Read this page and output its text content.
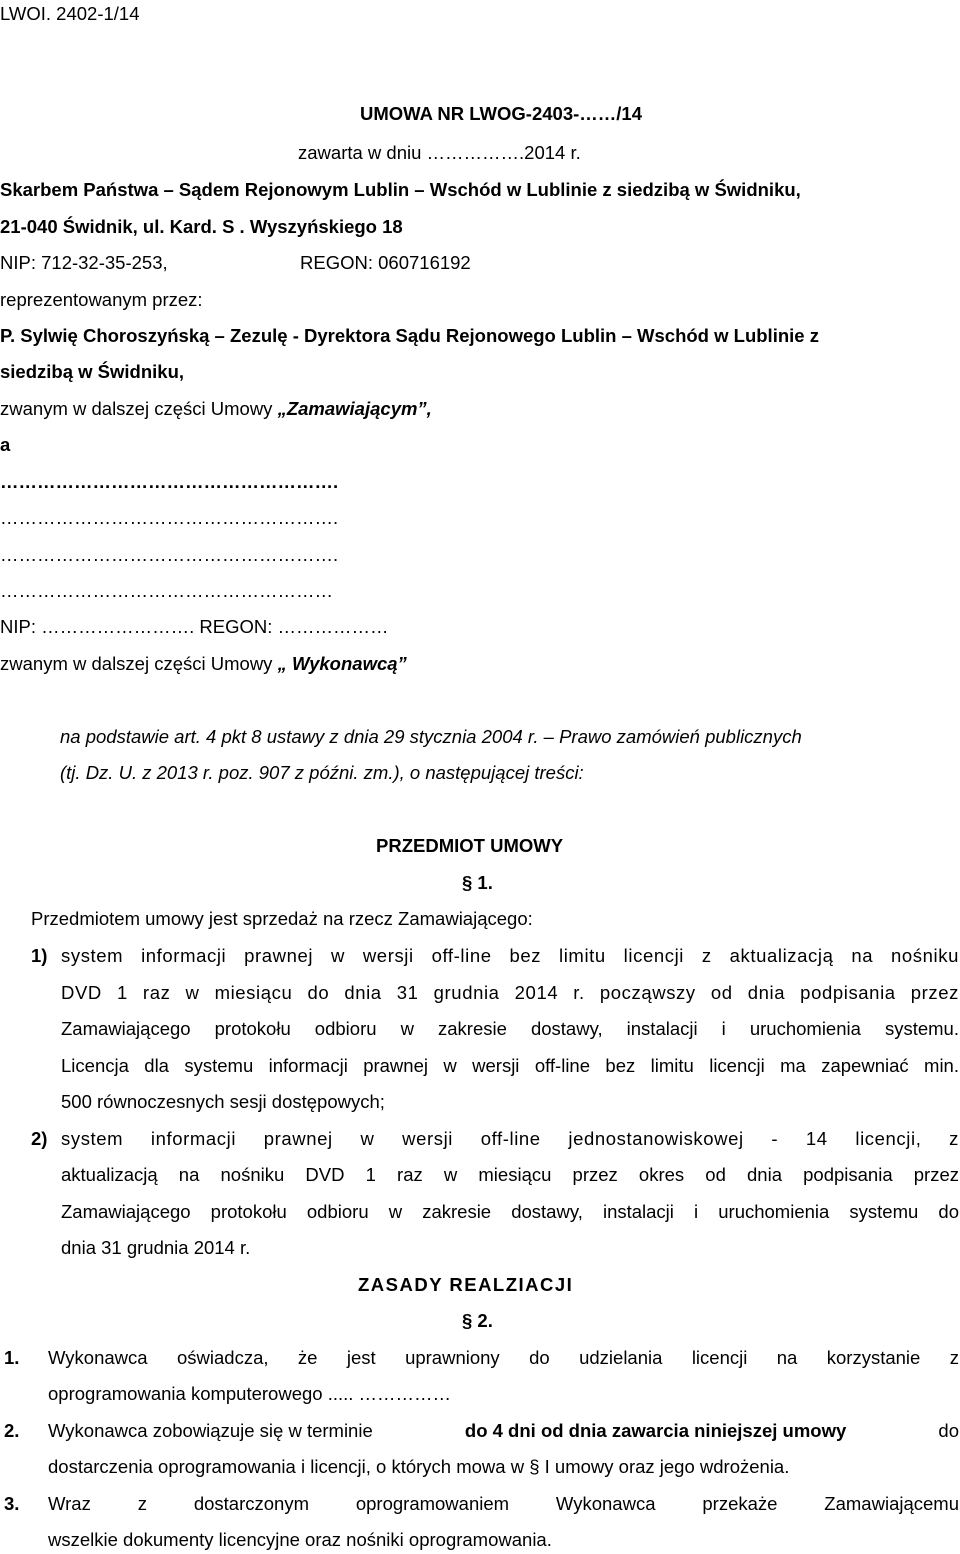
LWOI. 2402-1/14
UMOWA NR LWOG-2403-……/14
zawarta w dniu …………….2014 r.
Skarbem Państwa – Sądem Rejonowym Lublin – Wschód w Lublinie z siedzibą w Świdniku,
21-040 Świdnik, ul. Kard. S . Wyszyńskiego 18
NIP: 712-32-35-253,	REGON: 060716192
reprezentowanym przez:
P. Sylwię Choroszyńską – Zezulę - Dyrektora Sądu Rejonowego Lublin – Wschód w Lublinie z
siedzibą w Świdniku,
zwanym w dalszej części Umowy „Zamawiającym”,
a
……………………………………………….
……………………………………………….
……………………………………………….
………………………………………………
NIP: ……………………. REGON: ………………
zwanym w dalszej części Umowy „ Wykonawcą”
na podstawie art. 4 pkt 8 ustawy z dnia 29 stycznia 2004 r. – Prawo zamówień publicznych
(tj. Dz. U. z 2013 r. poz. 907 z późni. zm.), o następującej treści:
PRZEDMIOT UMOWY
§ 1.
Przedmiotem umowy jest sprzedaż na rzecz Zamawiającego:
1) system informacji prawnej w wersji off-line bez limitu licencji z aktualizacją na nośniku
DVD 1 raz w miesiącu do dnia 31 grudnia 2014 r. począwszy od dnia podpisania przez
Zamawiającego protokołu odbioru w zakresie dostawy, instalacji i uruchomienia systemu.
Licencja dla systemu informacji prawnej w wersji off-line bez limitu licencji ma zapewniać min.
500 równoczesnych sesji dostępowych;
2) system informacji prawnej w wersji off-line jednostanowiskowej - 14 licencji, z
aktualizacją na nośniku DVD 1 raz w miesiącu przez okres od dnia podpisania przez
Zamawiającego protokołu odbioru w zakresie dostawy, instalacji i uruchomienia systemu do
dnia 31 grudnia 2014 r.
ZASADY REALZIACJI
§ 2.
1. Wykonawca oświadcza, że jest uprawniony do udzielania licencji na korzystanie z
oprogramowania komputerowego ..... ……………
2. Wykonawca zobowiązuje się w terminie	do 4 dni od dnia zawarcia niniejszej umowy	do
dostarczenia oprogramowania i licencji, o których mowa w § I umowy oraz jego wdrożenia.
3. Wraz z dostarczonym oprogramowaniem Wykonawca przekaże Zamawiającemu
wszelkie dokumenty licencyjne oraz nośniki oprogramowania.
